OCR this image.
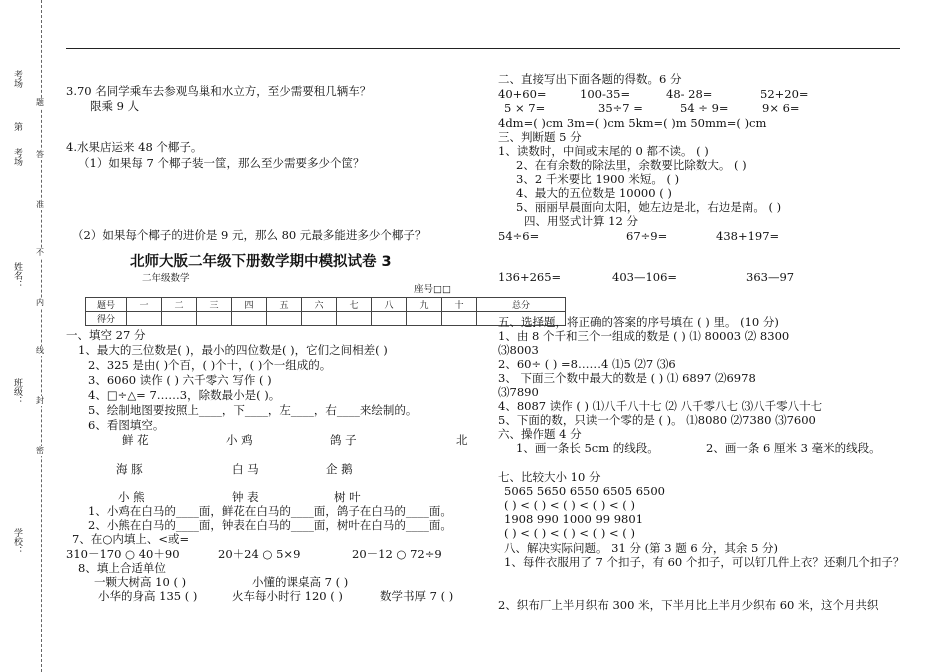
考场
第
考场
姓名：
班级：
学校：
题
答
准
不
内
线
封
密
3.70 名同学乘车去参观鸟巢和水立方，至少需要租几辆车？
限乘 9 人
4.水果店运来 48 个椰子。
（1）如果每 7 个椰子装一筐，那么至少需要多少个筐？
（2）如果每个椰子的进价是 9 元，那么 80 元最多能进多少个椰子？
北师大版二年级下册数学期中模拟试卷 3
二年级数学
座号□□
题号	一	二	三	四	五	六	七	八	九	十	总分
得分											
一、填空 27 分
1、最大的三位数是( )，最小的四位数是( )，它们之间相差( )
2、325 是由( )个百，( )个十，( )个一组成的。
3、6060 读作 ( ) 六千零六 写作 ( )
4、□÷△= 7……3，除数最小是( )。
5、绘制地图要按照上____，下____，左____，右____来绘制的。
6、看图填空。
鲜 花	小 鸡	鸽 子	北
海 豚	白 马	企 鹅
小 熊	钟 表	树 叶
1、小鸡在白马的____面，鲜花在白马的____面，鸽子在白马的____面。
2、小熊在白马的____面，钟表在白马的____面，树叶在白马的____面。
7、在○内填上、<或=
310－170 ○ 40＋90	20＋24 ○ 5×9	20－12 ○ 72÷9
8、填上合适单位
一颗大树高 10 ( )	小懂的课桌高 7 ( )
小华的身高 135 ( )	火车每小时行 120 ( )	数学书厚 7 ( )
二、直接写出下面各题的得数。6 分
40+60=	100-35=	48- 28=	52+20=
5 × 7=	35÷7 =	54 ÷ 9=	9× 6=
4dm=( )cm 3m=( )cm 5km=( )m 50mm=( )cm
三、判断题 5 分
1、读数时，中间或末尾的 0 都不读。 ( )
2、在有余数的除法里，余数要比除数大。 ( )
3、2 千米要比 1900 米短。 ( )
4、最大的五位数是 10000 ( )
5、丽丽早晨面向太阳，她左边是北，右边是南。 ( )
四、用竖式计算 12 分
54÷6=	67÷9=	438+197=
136+265=	403—106=	363—97
五、选择题，将正确的答案的序号填在 ( ) 里。 (10 分)
1、由 8 个千和三个一组成的数是 ( ) ⑴ 80003 ⑵ 8300
⑶8003
2、60÷ ( ) =8……4 ⑴5 ⑵7 ⑶6
3、 下面三个数中最大的数是 ( ) ⑴ 6897 ⑵6978
⑶7890
4、8087 读作 ( ) ⑴八千八十七 ⑵ 八千零八七 ⑶八千零八十七
5、下面的数，只读一个零的是 ( )。 ⑴8080 ⑵7380 ⑶7600
六、操作题 4 分
1、画一条长 5cm 的线段。	2、画一条 6 厘米 3 毫米的线段。
七、比较大小 10 分
5065 5650 6550 6505 6500
( ) < ( ) < ( ) < ( ) < ( )
1908 990 1000 99 9801
( ) < ( ) < ( ) < ( ) < ( )
八、解决实际问题。 31 分 (第 3 题 6 分，其余 5 分)
1、每件衣服用了 7 个扣子，有 60 个扣子，可以钉几件上衣？还剩几个扣子？
2、织布厂上半月织布 300 米，下半月比上半月少织布 60 米，这个月共织
